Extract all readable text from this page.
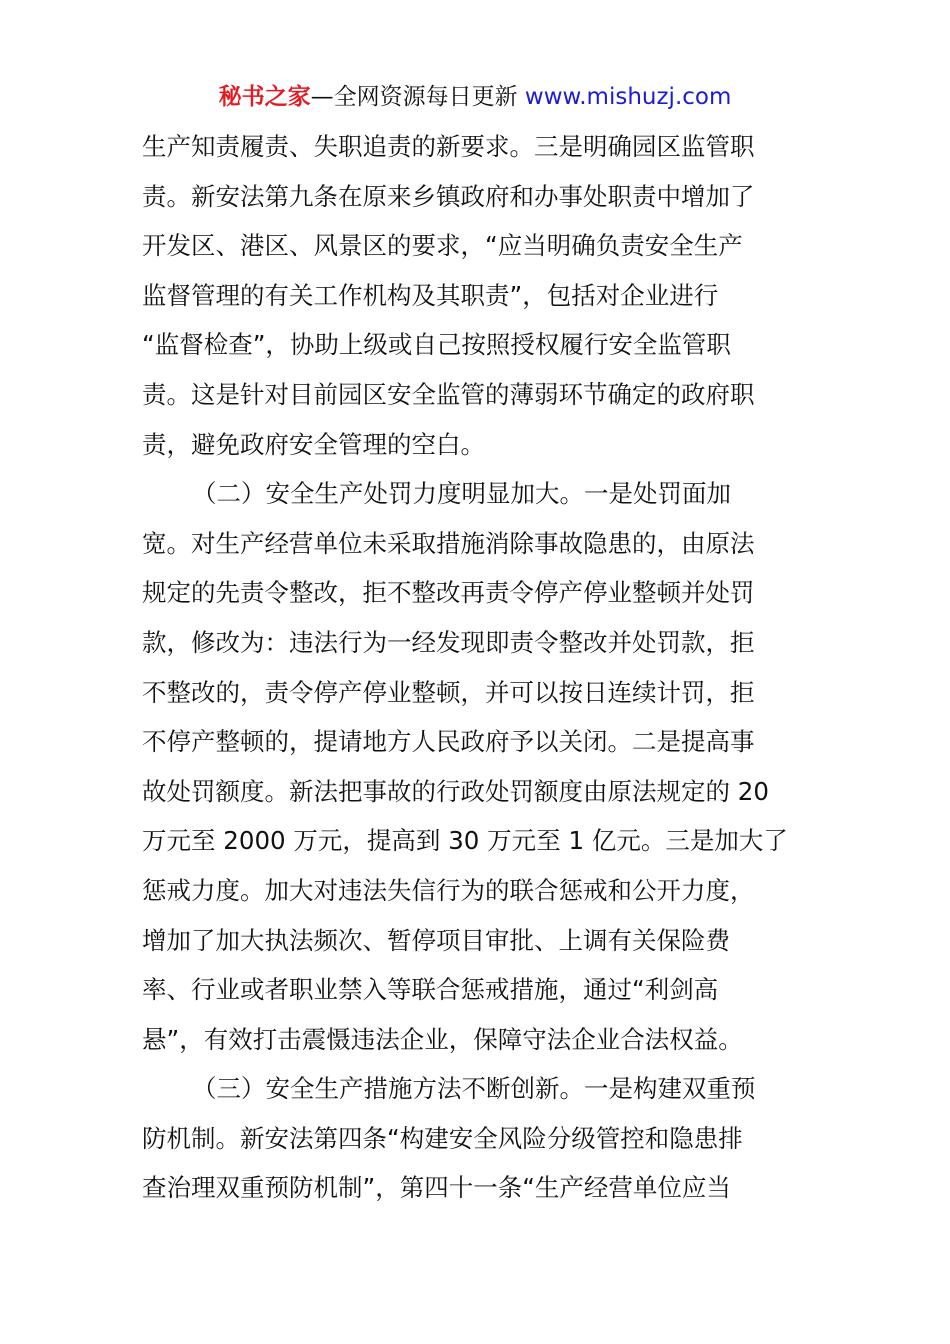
秘书之家—全网资源每日更新 www.mishuzj.com
生产知责履责、失职追责的新要求。三是明确园区监管职
责。新安法第九条在原来乡镇政府和办事处职责中增加了
开发区、港区、风景区的要求，“应当明确负责安全生产
监督管理的有关工作机构及其职责”，包括对企业进行
“监督检查”，协助上级或自己按照授权履行安全监管职
责。这是针对目前园区安全监管的薄弱环节确定的政府职
责，避免政府安全管理的空白。
（二）安全生产处罚力度明显加大。一是处罚面加
宽。对生产经营单位未采取措施消除事故隐患的，由原法
规定的先责令整改，拒不整改再责令停产停业整顿并处罚
款，修改为：违法行为一经发现即责令整改并处罚款，拒
不整改的，责令停产停业整顿，并可以按日连续计罚，拒
不停产整顿的，提请地方人民政府予以关闭。二是提高事
故处罚额度。新法把事故的行政处罚额度由原法规定的 20
万元至 2000 万元，提高到 30 万元至 1 亿元。三是加大了
惩戒力度。加大对违法失信行为的联合惩戒和公开力度，
增加了加大执法频次、暂停项目审批、上调有关保险费
率、行业或者职业禁入等联合惩戒措施，通过“利剑高
悬”，有效打击震慑违法企业，保障守法企业合法权益。
（三）安全生产措施方法不断创新。一是构建双重预
防机制。新安法第四条“构建安全风险分级管控和隐患排
查治理双重预防机制”，第四十一条“生产经营单位应当
